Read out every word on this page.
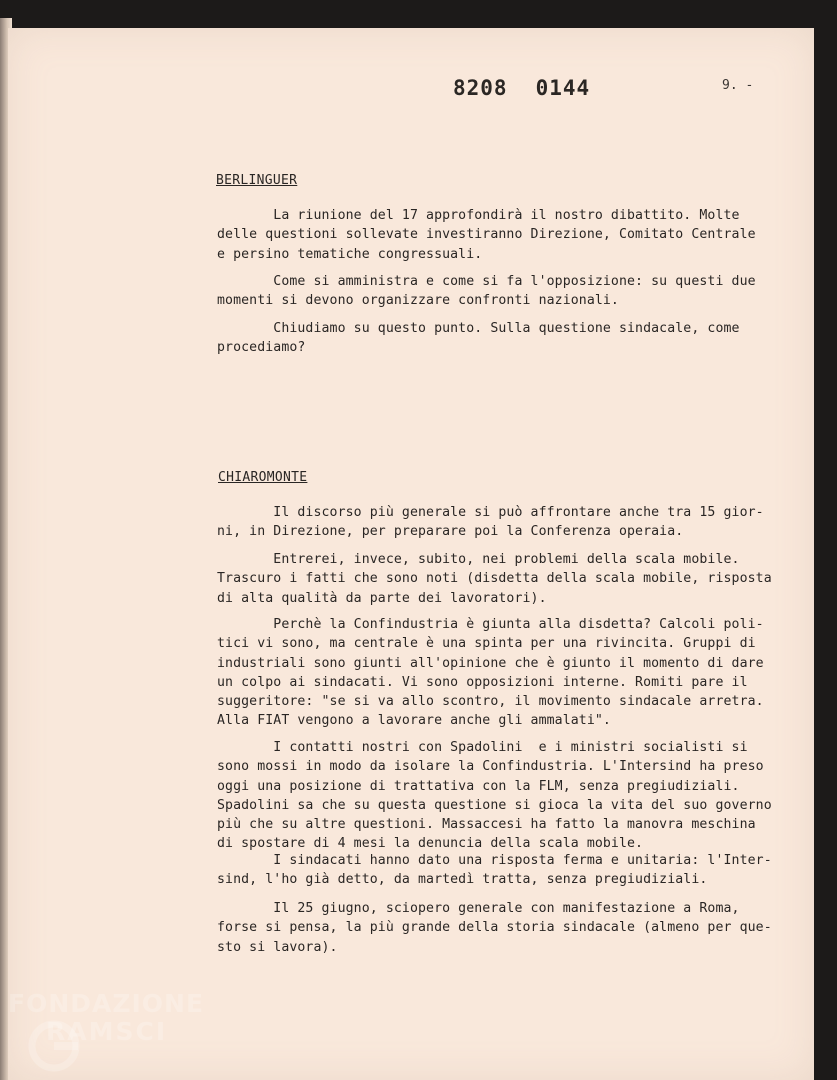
8208 0144	9. -
BERLINGUER
La riunione del 17 approfondirà il nostro dibattito. Molte
delle questioni sollevate investiranno Direzione, Comitato Centrale
e persino tematiche congressuali.
Come si amministra e come si fa l'opposizione: su questi due
momenti si devono organizzare confronti nazionali.
Chiudiamo su questo punto. Sulla questione sindacale, come
procediamo?
CHIAROMONTE
Il discorso più generale si può affrontare anche tra 15 gior-
ni, in Direzione, per preparare poi la Conferenza operaia.
Entrerei, invece, subito, nei problemi della scala mobile.
Trascuro i fatti che sono noti (disdetta della scala mobile, risposta
di alta qualità da parte dei lavoratori).
Perchè la Confindustria è giunta alla disdetta? Calcoli poli-
tici vi sono, ma centrale è una spinta per una rivincita. Gruppi di
industriali sono giunti all'opinione che è giunto il momento di dare
un colpo ai sindacati. Vi sono opposizioni interne. Romiti pare il
suggeritore: "se si va allo scontro, il movimento sindacale arretra.
Alla FIAT vengono a lavorare anche gli ammalati".
I contatti nostri con Spadolini  e i ministri socialisti si
sono mossi in modo da isolare la Confindustria. L'Intersind ha preso
oggi una posizione di trattativa con la FLM, senza pregiudiziali.
Spadolini sa che su questa questione si gioca la vita del suo governo
più che su altre questioni. Massaccesi ha fatto la manovra meschina
di spostare di 4 mesi la denuncia della scala mobile.
I sindacati hanno dato una risposta ferma e unitaria: l'Inter-
sind, l'ho già detto, da martedì tratta, senza pregiudiziali.
Il 25 giugno, sciopero generale con manifestazione a Roma,
forse si pensa, la più grande della storia sindacale (almeno per que-
sto si lavora).
FONDAZIONE
RAMSCI
